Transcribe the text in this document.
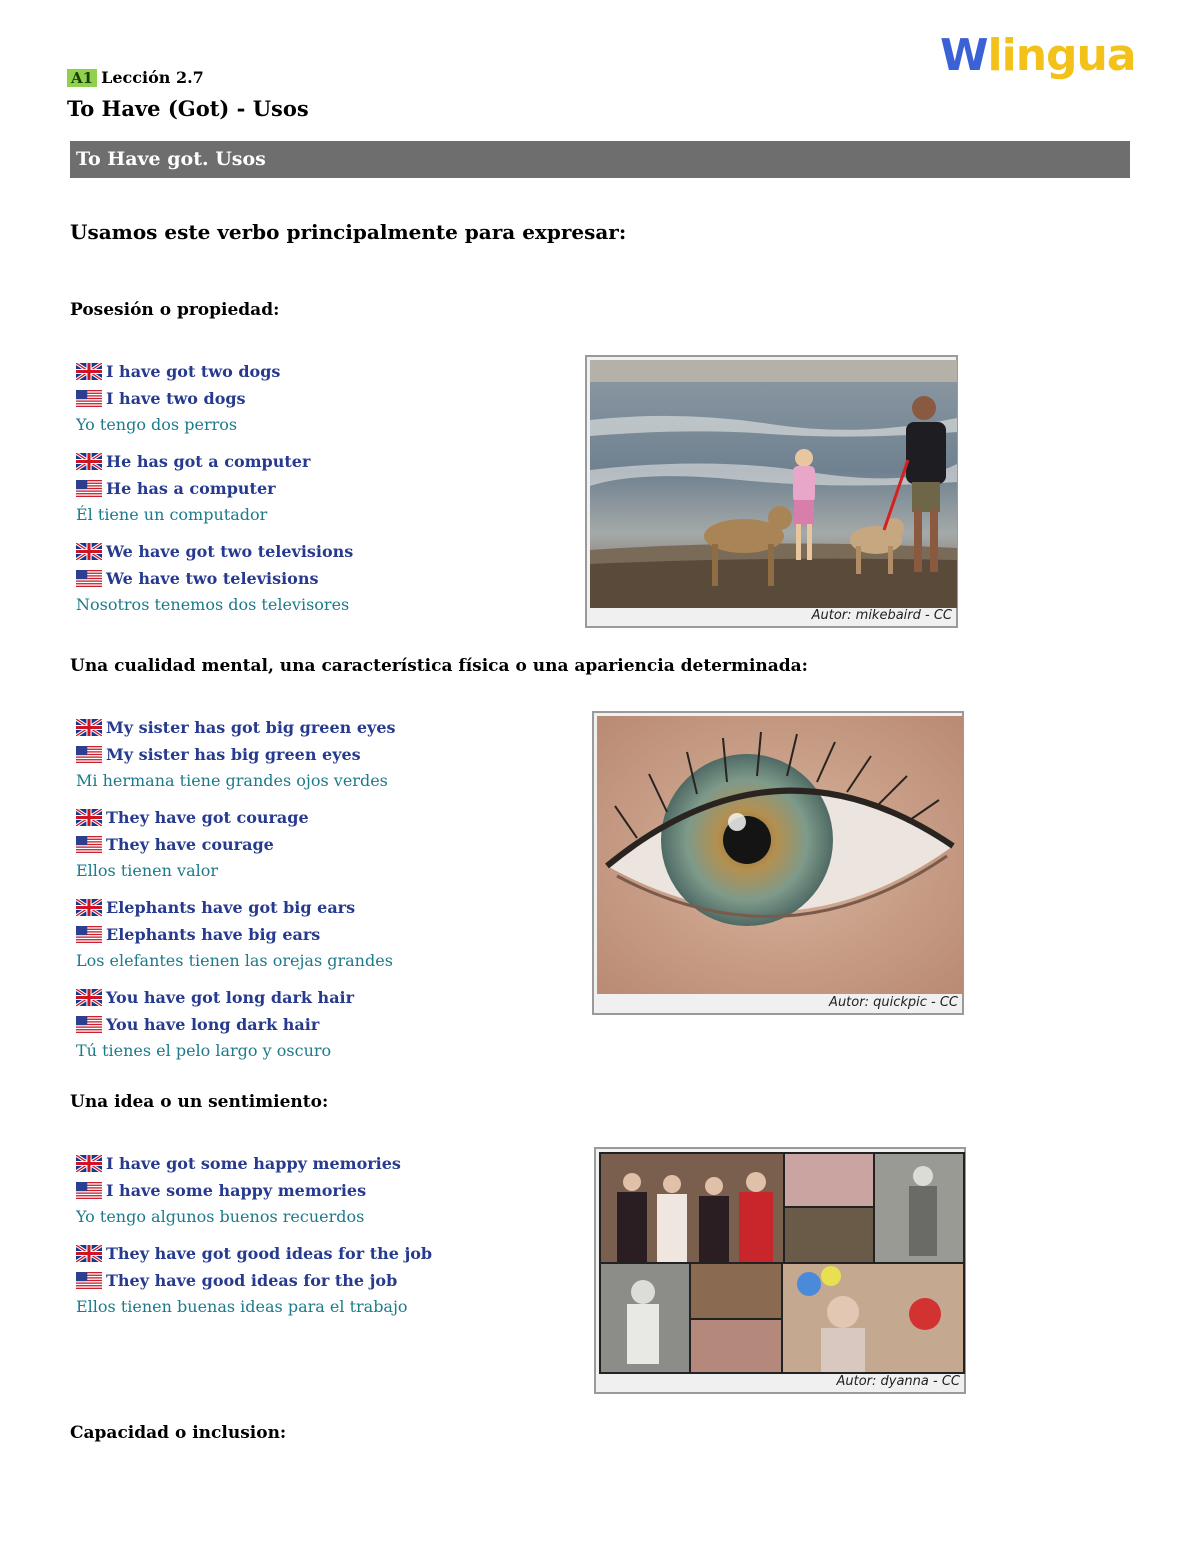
Wlingua
A1 Lección 2.7
To Have (Got) - Usos
To Have got. Usos
Usamos este verbo principalmente para expresar:
Posesión o propiedad:
I have got two dogs
I have two dogs
Yo tengo dos perros
He has got a computer
He has a computer
Él tiene un computador
We have got two televisions
We have two televisions
Nosotros tenemos dos televisores
Autor: mikebaird - CC
Una cualidad mental, una característica física o una apariencia determinada:
My sister has got big green eyes
My sister has big green eyes
Mi hermana tiene grandes ojos verdes
They have got courage
They have courage
Ellos tienen valor
Elephants have got big ears
Elephants have big ears
Los elefantes tienen las orejas grandes
You have got long dark hair
You have long dark hair
Tú tienes el pelo largo y oscuro
Autor: quickpic - CC
Una idea o un sentimiento:
I have got some happy memories
I have some happy memories
Yo tengo algunos buenos recuerdos
They have got good ideas for the job
They have good ideas for the job
Ellos tienen buenas ideas para el trabajo
Autor: dyanna - CC
Capacidad o inclusion:
